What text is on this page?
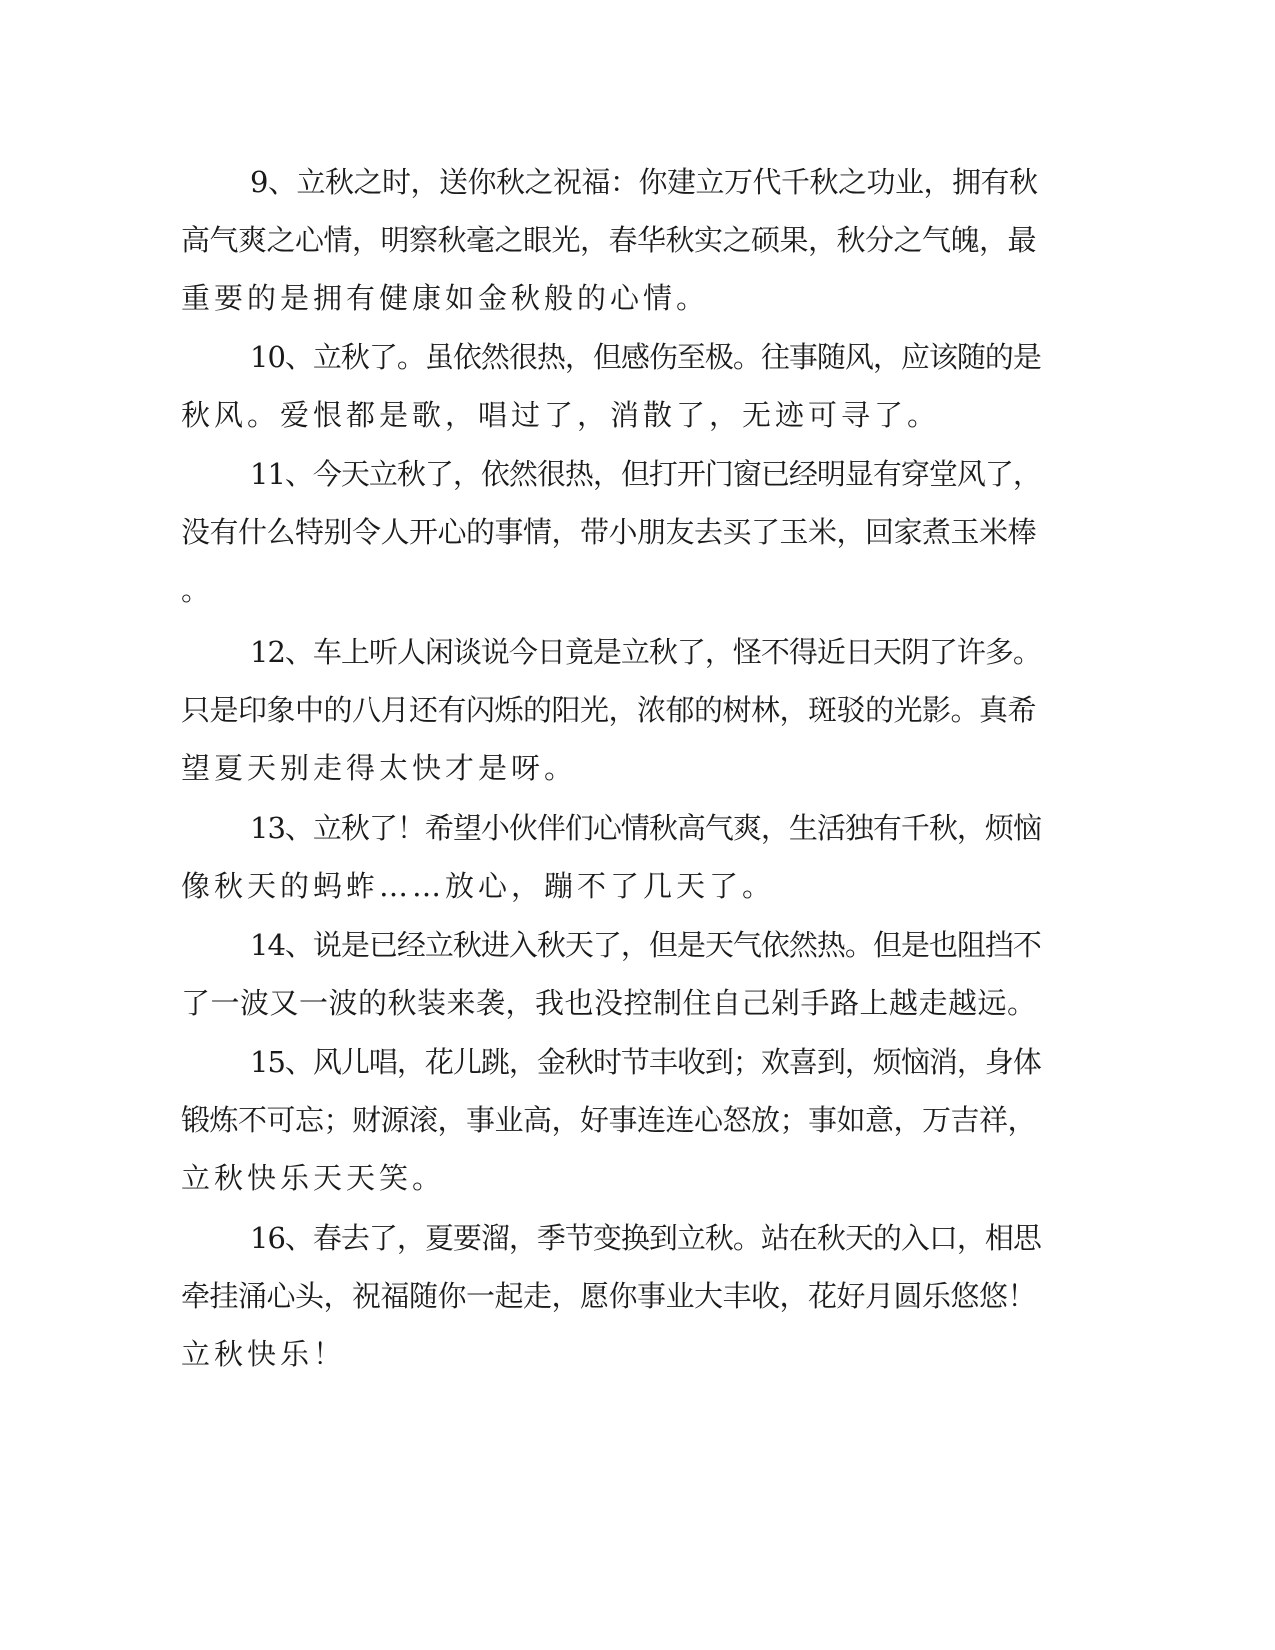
9、立秋之时，送你秋之祝福：你建立万代千秋之功业，拥有秋
高气爽之心情，明察秋毫之眼光，春华秋实之硕果，秋分之气魄，最
重要的是拥有健康如金秋般的心情。
10、立秋了。虽依然很热，但感伤至极。往事随风，应该随的是
秋风。爱恨都是歌，唱过了，消散了，无迹可寻了。
11、今天立秋了，依然很热，但打开门窗已经明显有穿堂风了，
没有什么特别令人开心的事情，带小朋友去买了玉米，回家煮玉米棒
。
12、车上听人闲谈说今日竟是立秋了，怪不得近日天阴了许多。
只是印象中的八月还有闪烁的阳光，浓郁的树林，斑驳的光影。真希
望夏天别走得太快才是呀。
13、立秋了！希望小伙伴们心情秋高气爽，生活独有千秋，烦恼
像秋天的蚂蚱……放心，蹦不了几天了。
14、说是已经立秋进入秋天了，但是天气依然热。但是也阻挡不
了一波又一波的秋装来袭，我也没控制住自己剁手路上越走越远。
15、风儿唱，花儿跳，金秋时节丰收到；欢喜到，烦恼消，身体
锻炼不可忘；财源滚，事业高，好事连连心怒放；事如意，万吉祥，
立秋快乐天天笑。
16、春去了，夏要溜，季节变换到立秋。站在秋天的入口，相思
牵挂涌心头，祝福随你一起走，愿你事业大丰收，花好月圆乐悠悠！
立秋快乐！
